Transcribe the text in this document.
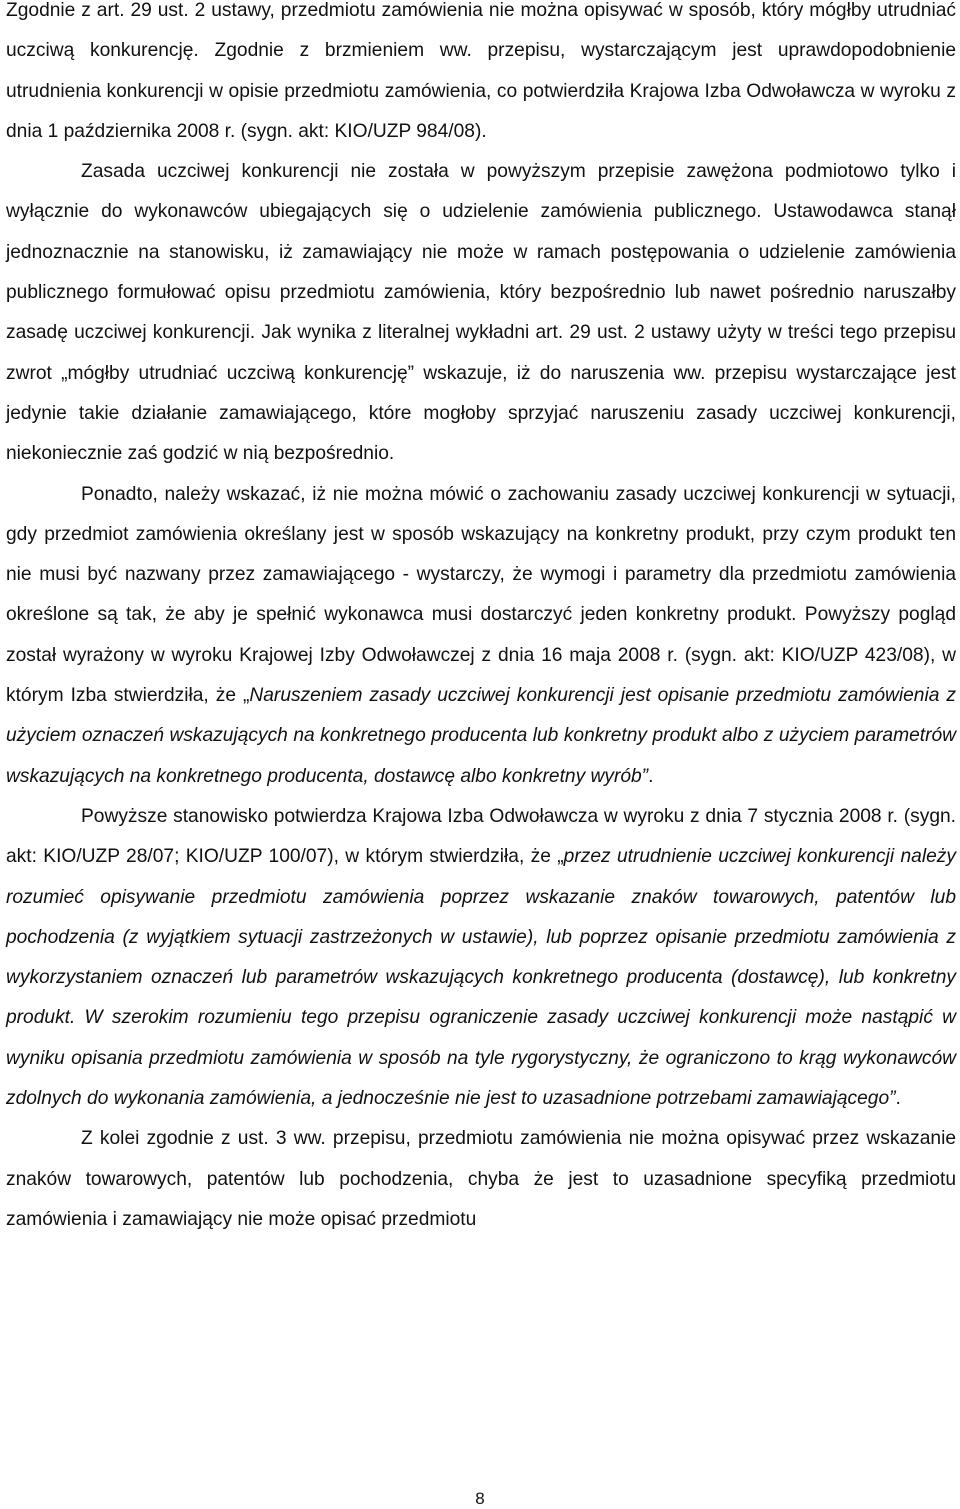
Zgodnie z art. 29 ust. 2 ustawy, przedmiotu zamówienia nie można opisywać w sposób, który mógłby utrudniać uczciwą konkurencję. Zgodnie z brzmieniem ww. przepisu, wystarczającym jest uprawdopodobnienie utrudnienia konkurencji w opisie przedmiotu zamówienia, co potwierdziła Krajowa Izba Odwoławcza w wyroku z dnia 1 października 2008 r. (sygn. akt: KIO/UZP 984/08).

Zasada uczciwej konkurencji nie została w powyższym przepisie zawężona podmiotowo tylko i wyłącznie do wykonawców ubiegających się o udzielenie zamówienia publicznego. Ustawodawca stanął jednoznacznie na stanowisku, iż zamawiający nie może w ramach postępowania o udzielenie zamówienia publicznego formułować opisu przedmiotu zamówienia, który bezpośrednio lub nawet pośrednio naruszałby zasadę uczciwej konkurencji. Jak wynika z literalnej wykładni art. 29 ust. 2 ustawy użyty w treści tego przepisu zwrot „mógłby utrudniać uczciwą konkurencję” wskazuje, iż do naruszenia ww. przepisu wystarczające jest jedynie takie działanie zamawiającego, które mogłoby sprzyjać naruszeniu zasady uczciwej konkurencji, niekoniecznie zaś godzić w nią bezpośrednio.

Ponadto, należy wskazać, iż nie można mówić o zachowaniu zasady uczciwej konkurencji w sytuacji, gdy przedmiot zamówienia określany jest w sposób wskazujący na konkretny produkt, przy czym produkt ten nie musi być nazwany przez zamawiającego - wystarczy, że wymogi i parametry dla przedmiotu zamówienia określone są tak, że aby je spełnić wykonawca musi dostarczyć jeden konkretny produkt. Powyższy pogląd został wyrażony w wyroku Krajowej Izby Odwoławczej z dnia 16 maja 2008 r. (sygn. akt: KIO/UZP 423/08), w którym Izba stwierdziła, że „Naruszeniem zasady uczciwej konkurencji jest opisanie przedmiotu zamówienia z użyciem oznaczeń wskazujących na konkretnego producenta lub konkretny produkt albo z użyciem parametrów wskazujących na konkretnego producenta, dostawcę albo konkretny wyrób”.

Powyższe stanowisko potwierdza Krajowa Izba Odwoławcza w wyroku z dnia 7 stycznia 2008 r. (sygn. akt: KIO/UZP 28/07; KIO/UZP 100/07), w którym stwierdziła, że „przez utrudnienie uczciwej konkurencji należy rozumieć opisywanie przedmiotu zamówienia poprzez wskazanie znaków towarowych, patentów lub pochodzenia (z wyjątkiem sytuacji zastrzeżonych w ustawie), lub poprzez opisanie przedmiotu zamówienia z wykorzystaniem oznaczeń lub parametrów wskazujących konkretnego producenta (dostawcę), lub konkretny produkt. W szerokim rozumieniu tego przepisu ograniczenie zasady uczciwej konkurencji może nastąpić w wyniku opisania przedmiotu zamówienia w sposób na tyle rygorystyczny, że ograniczono to krąg wykonawców zdolnych do wykonania zamówienia, a jednocześnie nie jest to uzasadnione potrzebami zamawiającego”.

Z kolei zgodnie z ust. 3 ww. przepisu, przedmiotu zamówienia nie można opisywać przez wskazanie znaków towarowych, patentów lub pochodzenia, chyba że jest to uzasadnione specyfiką przedmiotu zamówienia i zamawiający nie może opisać przedmiotu

8
